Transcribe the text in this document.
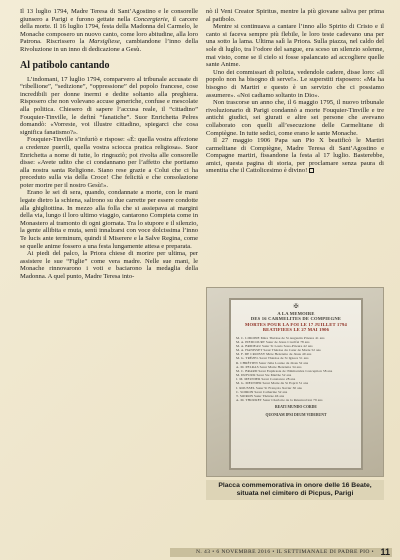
Il 13 luglio 1794, Madre Teresa di Sant’Agostino e le consorelle giunsero a Parigi e furono gettate nella Concergierie, il carcere della morte. Il 16 luglio 1794, festa della Madonna del Carmelo, le Monache composero un nuovo canto, come loro abitudine, alla loro Patrona. Riscrissero la Marsigliese, cambiandone l’inno della Rivoluzione in un inno di dedicazione a Gesù.

Al patibolo cantando

L’indomani, 17 luglio 1794, comparvero al tribunale accusate di “ribellione”, “sedizione”, “oppressione” del popolo francese, cose incredibili per donne inermi e dedite soltanto alla preghiera. Risposero che non volevano accuse generiche, confuse e mescolate alla politica. Chiesero di sapere l’accusa reale, il “cittadino” Fouquier-Tinville, le definì “fanatiche”. Suor Enrichetta Pelres domandò: «Vorreste, voi illustre cittadino, spiegarci che cosa significa fanatismo?».

Fouquier-Tinville s’infuriò e rispose: «È: quella vostra affezione a credenze puerili, quella vostra sciocca pratica religiosa». Suor Enrichetta a nome di tutte, lo ringraziò; poi rivolta alle consorelle disse: «Avete udito che ci condannano per l’affetto che portiamo alla nostra santa Religione. Siano rese grazie a Colui che ci ha preceduto sulla via della Croce! Che felicità e che consolazione poter morire per il nostro Gesù!».

Erano le sei di sera, quando, condannate a morte, con le mani legate dietro la schiena, salirono su due carrette per essere condotte alla ghigliottina. In mezzo alla folla che si assiepava ai margini della via, lungo il loro ultimo viaggio, cantarono Compieta come in Monastero al tramonto di ogni giornata. Tra lo stupore e il silenzio, la gente allibita e muta, sentì innalzarsi con voce dolcissima l’inno Te lucis ante terminum, quindi il Miserere e la Salve Regina, come se quelle anime fossero a una festa lungamente attesa e preparata.

Ai piedi del palco, la Priora chiese di morire per ultima, per assistere le sue “Figlie” come vera madre. Nelle sue mani, le Monache rinnovarono i voti e baciarono la medaglia della Madonna. A quel punto, Madre Teresa into-

nò il Veni Creator Spiritus, mentre la più giovane saliva per prima al patibolo.

Mentre si continuava a cantare l’inno allo Spirito di Cristo e il canto si faceva sempre più flebile, le loro teste cadevano una per una sotto la lama. Ultima salì la Priora. Sulla piazza, nel caldo del sole di luglio, tra l’odore del sangue, era sceso un silenzio solenne, mai visto, come se il cielo si fosse spalancato ad accogliere quelle sante Anime.

Uno dei commissari di polizia, vedendole cadere, disse loro: «Il popolo non ha bisogno di serve!». Le superstiti risposero: «Ma ha bisogno di Martiri e questo è un servizio che ci possiamo assumere». «Noi cadiamo soltanto in Dio».

Non trascorse un anno che, il 6 maggio 1795, il nuovo tribunale rivoluzionario di Parigi condannò a morte Fouquier-Tinville e tre antichi giudici, sei giurati e altre sei persone che avevano collaborato con quelli all’esecuzione delle Carmelitane di Compiègne. In tutte sedici, come erano le sante Monache.

Il 27 maggio 1906 Papa san Pio X beatificò le Martiri carmelitane di Compiègne, Madre Teresa di Sant’Agostino e Compagne martiri, fissandone la festa al 17 luglio. Basterebbe, amici, questa pagina di storia, per proclamare senza paura di smentita che il Cattolicesimo è divino!

✠
A LA MEMOIRE
DES 16 CARMELITES DE COMPIEGNE
MORTES POUR LA FOI LE 17 JUILLET 1794
BEATIFIEES LE 27 MAI 1906
M. C. LIDOINE Mère Thérèse de St Augustin Prieure 41 ans
M. A. PIEDCOURT Sœur de Jésus Crucifié 78 ans
M. A. BRIDEAU Sœur St Louis Sous-Prieure 42 ans
M. A. HANISSET Sœur Thérèse du Cœur de Marie 52 ans
M. F. DE CROISSY Mère Henriette de Jésus 49 ans
M. G. TRÉZEL Sœur Thérèse de St Ignace 51 ans
R. CHRÉTIEN Sœur Julie Louise de Jésus 52 ans
A. M. PELRAS Sœur Marie Henriette 34 ans
M. C. BRARD Sœur Euphrasie de l'Immaculée Conception 58 ans
M. DUFOUR Sœur Ste Marthe 52 ans
J. M. MEUNIER Sœur Constance 28 ans
M. G. MEUNIER Sœur Marie du St Esprit 51 ans
J. ROUSSEL Sœur St François Xavier 30 ans
C. SOIRON Sœur Catherine 52 ans
T. SOIRON Sœur Thérèse 46 ans
A. M. THOURET Sœur Charlotte de la Résurrection 79 ans
BEATI MUNDO CORDE
QUONIAM IPSI DEUM VIDEBUNT
Placca commemorativa in onore delle 16 Beate, situata nel cimitero di Picpus, Parigi
N. 43 • 6 NOVEMBRE 2016 • IL SETTIMANALE DI PADRE PIO • 11
